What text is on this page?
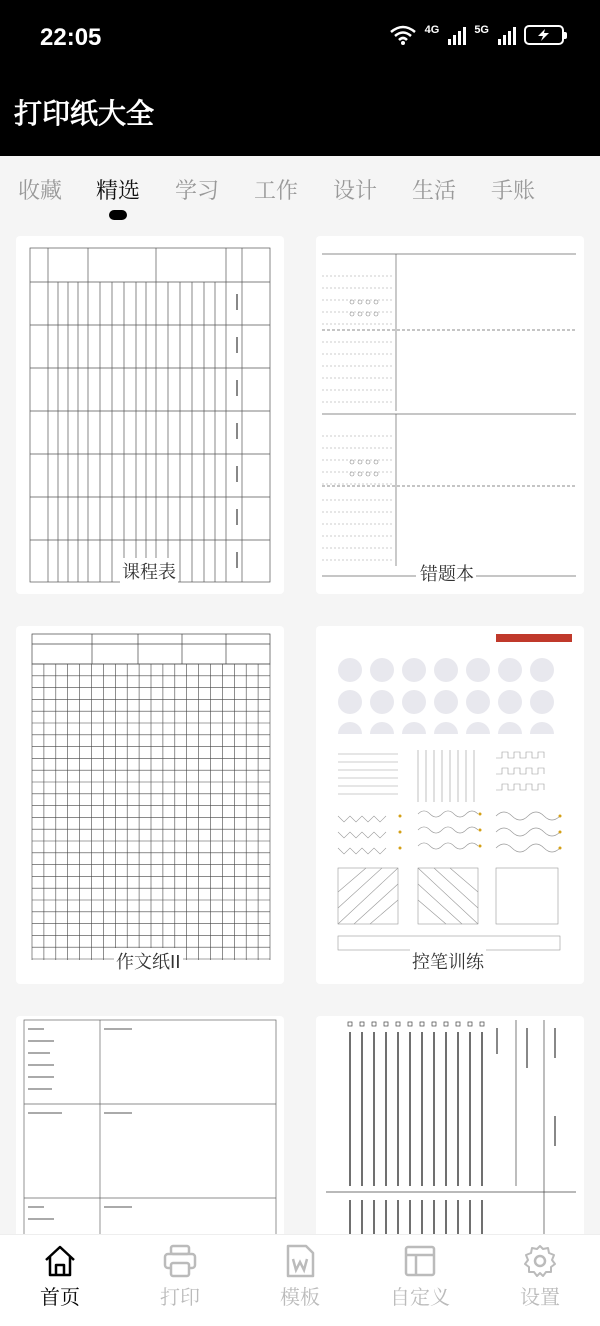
22:05	4G	5G
打印纸大全
收藏 精选 学习 工作 设计 生活 手账
课程表	错题本
作文纸II	控笔训练
首页	打印	模板	自定义	设置
